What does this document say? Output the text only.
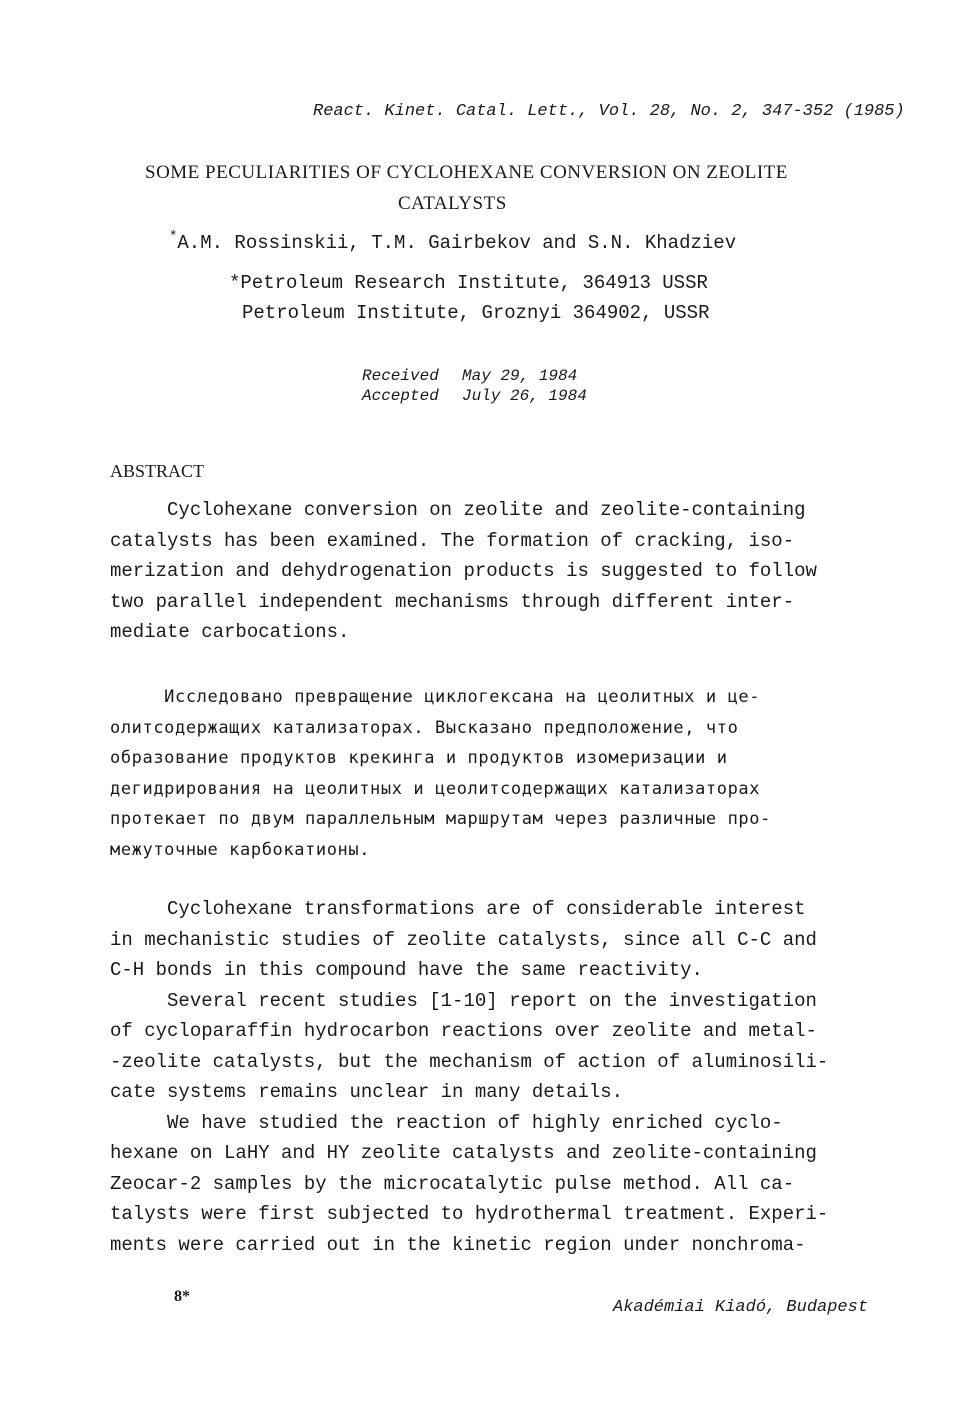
React. Kinet. Catal. Lett., Vol. 28, No. 2, 347-352 (1985)
SOME PECULIARITIES OF CYCLOHEXANE CONVERSION ON ZEOLITE
CATALYSTS
*A.M. Rossinskii, T.M. Gairbekov and S.N. Khadziev
*Petroleum Research Institute, 364913 USSR
Petroleum Institute, Groznyi 364902, USSR
Received May 29, 1984
Accepted July 26, 1984
ABSTRACT
Cyclohexane conversion on zeolite and zeolite-containing
catalysts has been examined. The formation of cracking, iso-
merization and dehydrogenation products is suggested to follow
two parallel independent mechanisms through different inter-
mediate carbocations.
Исследовано превращение циклогексана на цеолитных и це-
олитсодержащих катализаторах. Высказано предположение, что
образование продуктов крекинга и продуктов изомеризации и
дегидрирования на цеолитных и цеолитсодержащих катализаторах
протекает по двум параллельным маршрутам через различные про-
межуточные карбокатионы.
Cyclohexane transformations are of considerable interest
in mechanistic studies of zeolite catalysts, since all C-C and
C-H bonds in this compound have the same reactivity.
Several recent studies [1-10] report on the investigation
of cycloparaffin hydrocarbon reactions over zeolite and metal-
-zeolite catalysts, but the mechanism of action of aluminosili-
cate systems remains unclear in many details.
We have studied the reaction of highly enriched cyclo-
hexane on LaHY and HY zeolite catalysts and zeolite-containing
Zeocar-2 samples by the microcatalytic pulse method. All ca-
talysts were first subjected to hydrothermal treatment. Experi-
ments were carried out in the kinetic region under nonchroma-
8*
Akadémiai Kiadó, Budapest
